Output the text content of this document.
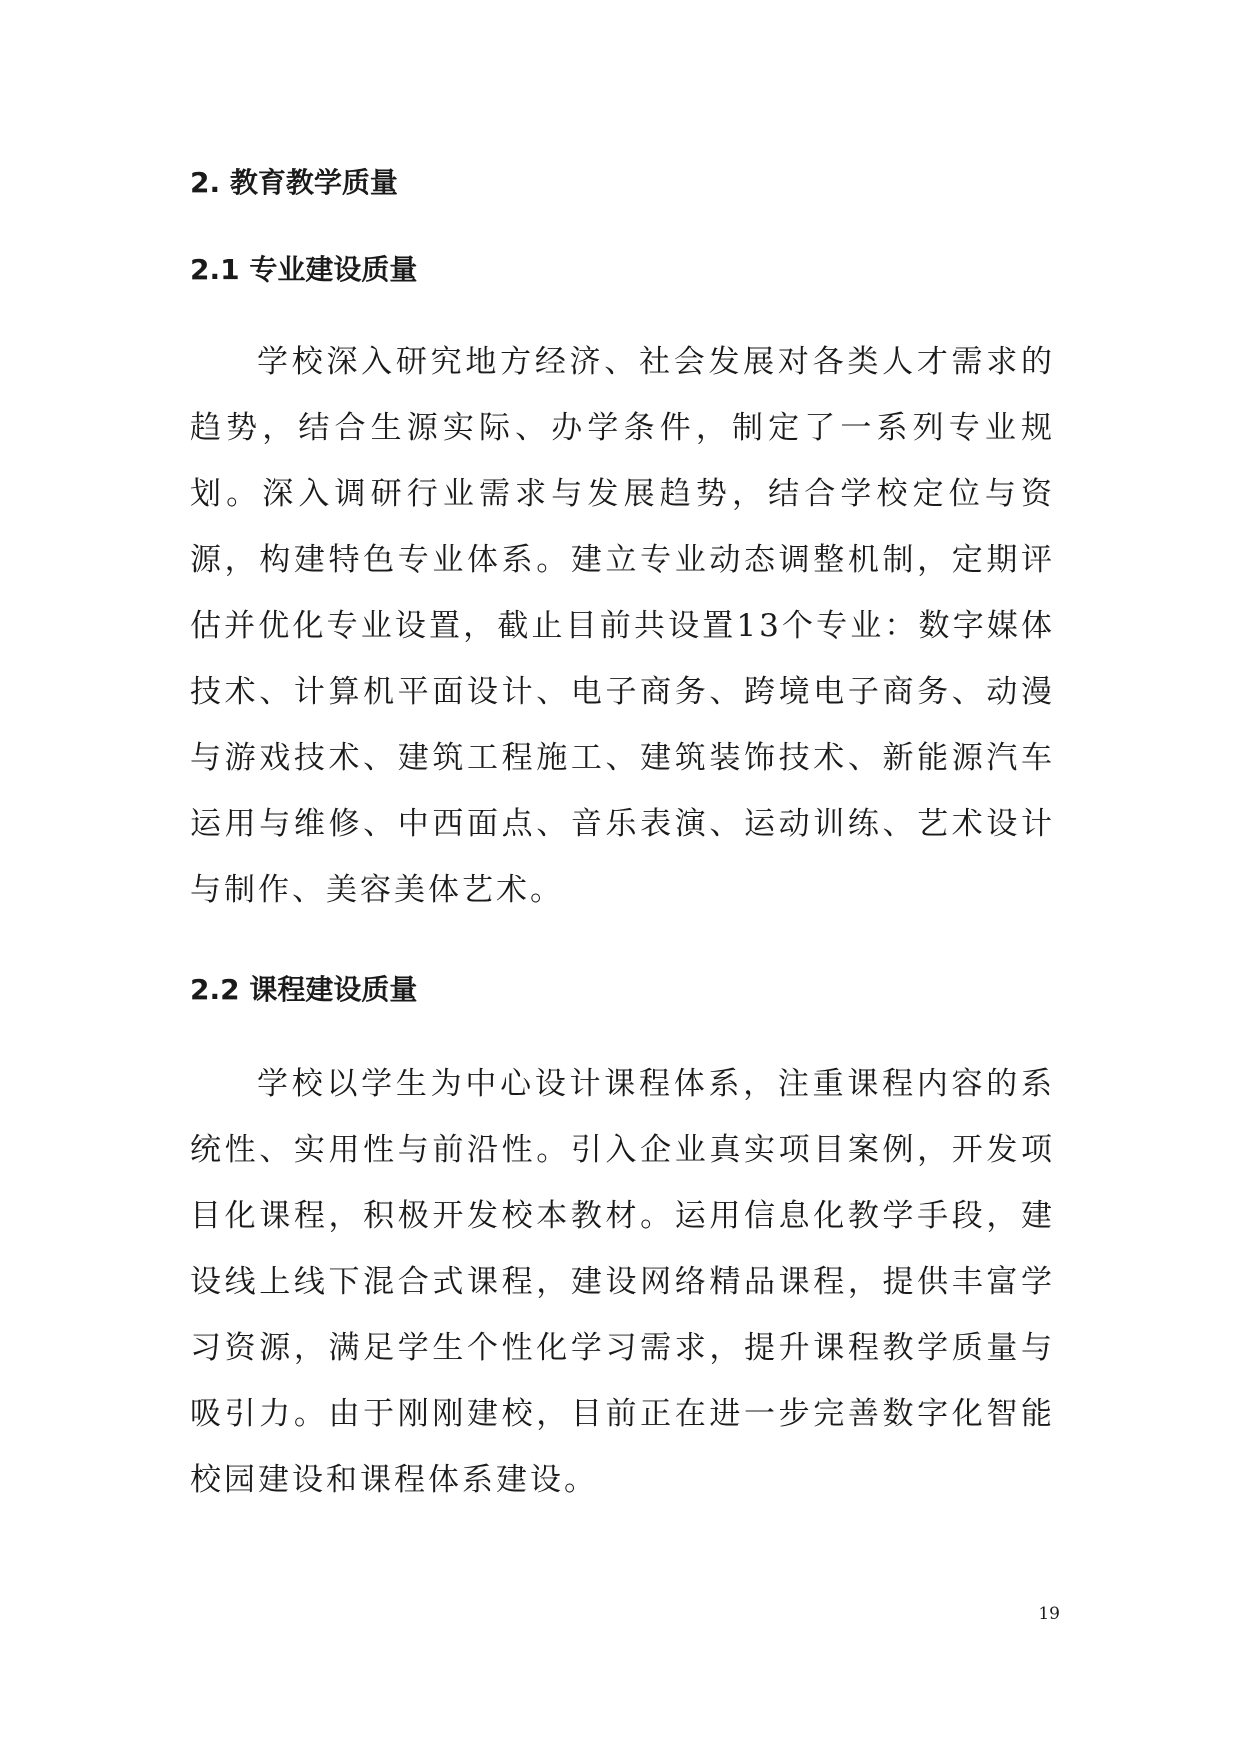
2. 教育教学质量
2.1 专业建设质量

学校深入研究地方经济、社会发展对各类人才需求的趋势，结合生源实际、办学条件，制定了一系列专业规划。深入调研行业需求与发展趋势，结合学校定位与资源，构建特色专业体系。建立专业动态调整机制，定期评估并优化专业设置，截止目前共设置13个专业：数字媒体技术、计算机平面设计、电子商务、跨境电子商务、动漫与游戏技术、建筑工程施工、建筑装饰技术、新能源汽车运用与维修、中西面点、音乐表演、运动训练、艺术设计与制作、美容美体艺术。

2.2 课程建设质量

学校以学生为中心设计课程体系，注重课程内容的系统性、实用性与前沿性。引入企业真实项目案例，开发项目化课程，积极开发校本教材。运用信息化教学手段，建设线上线下混合式课程，建设网络精品课程，提供丰富学习资源，满足学生个性化学习需求，提升课程教学质量与吸引力。由于刚刚建校，目前正在进一步完善数字化智能校园建设和课程体系建设。

19
